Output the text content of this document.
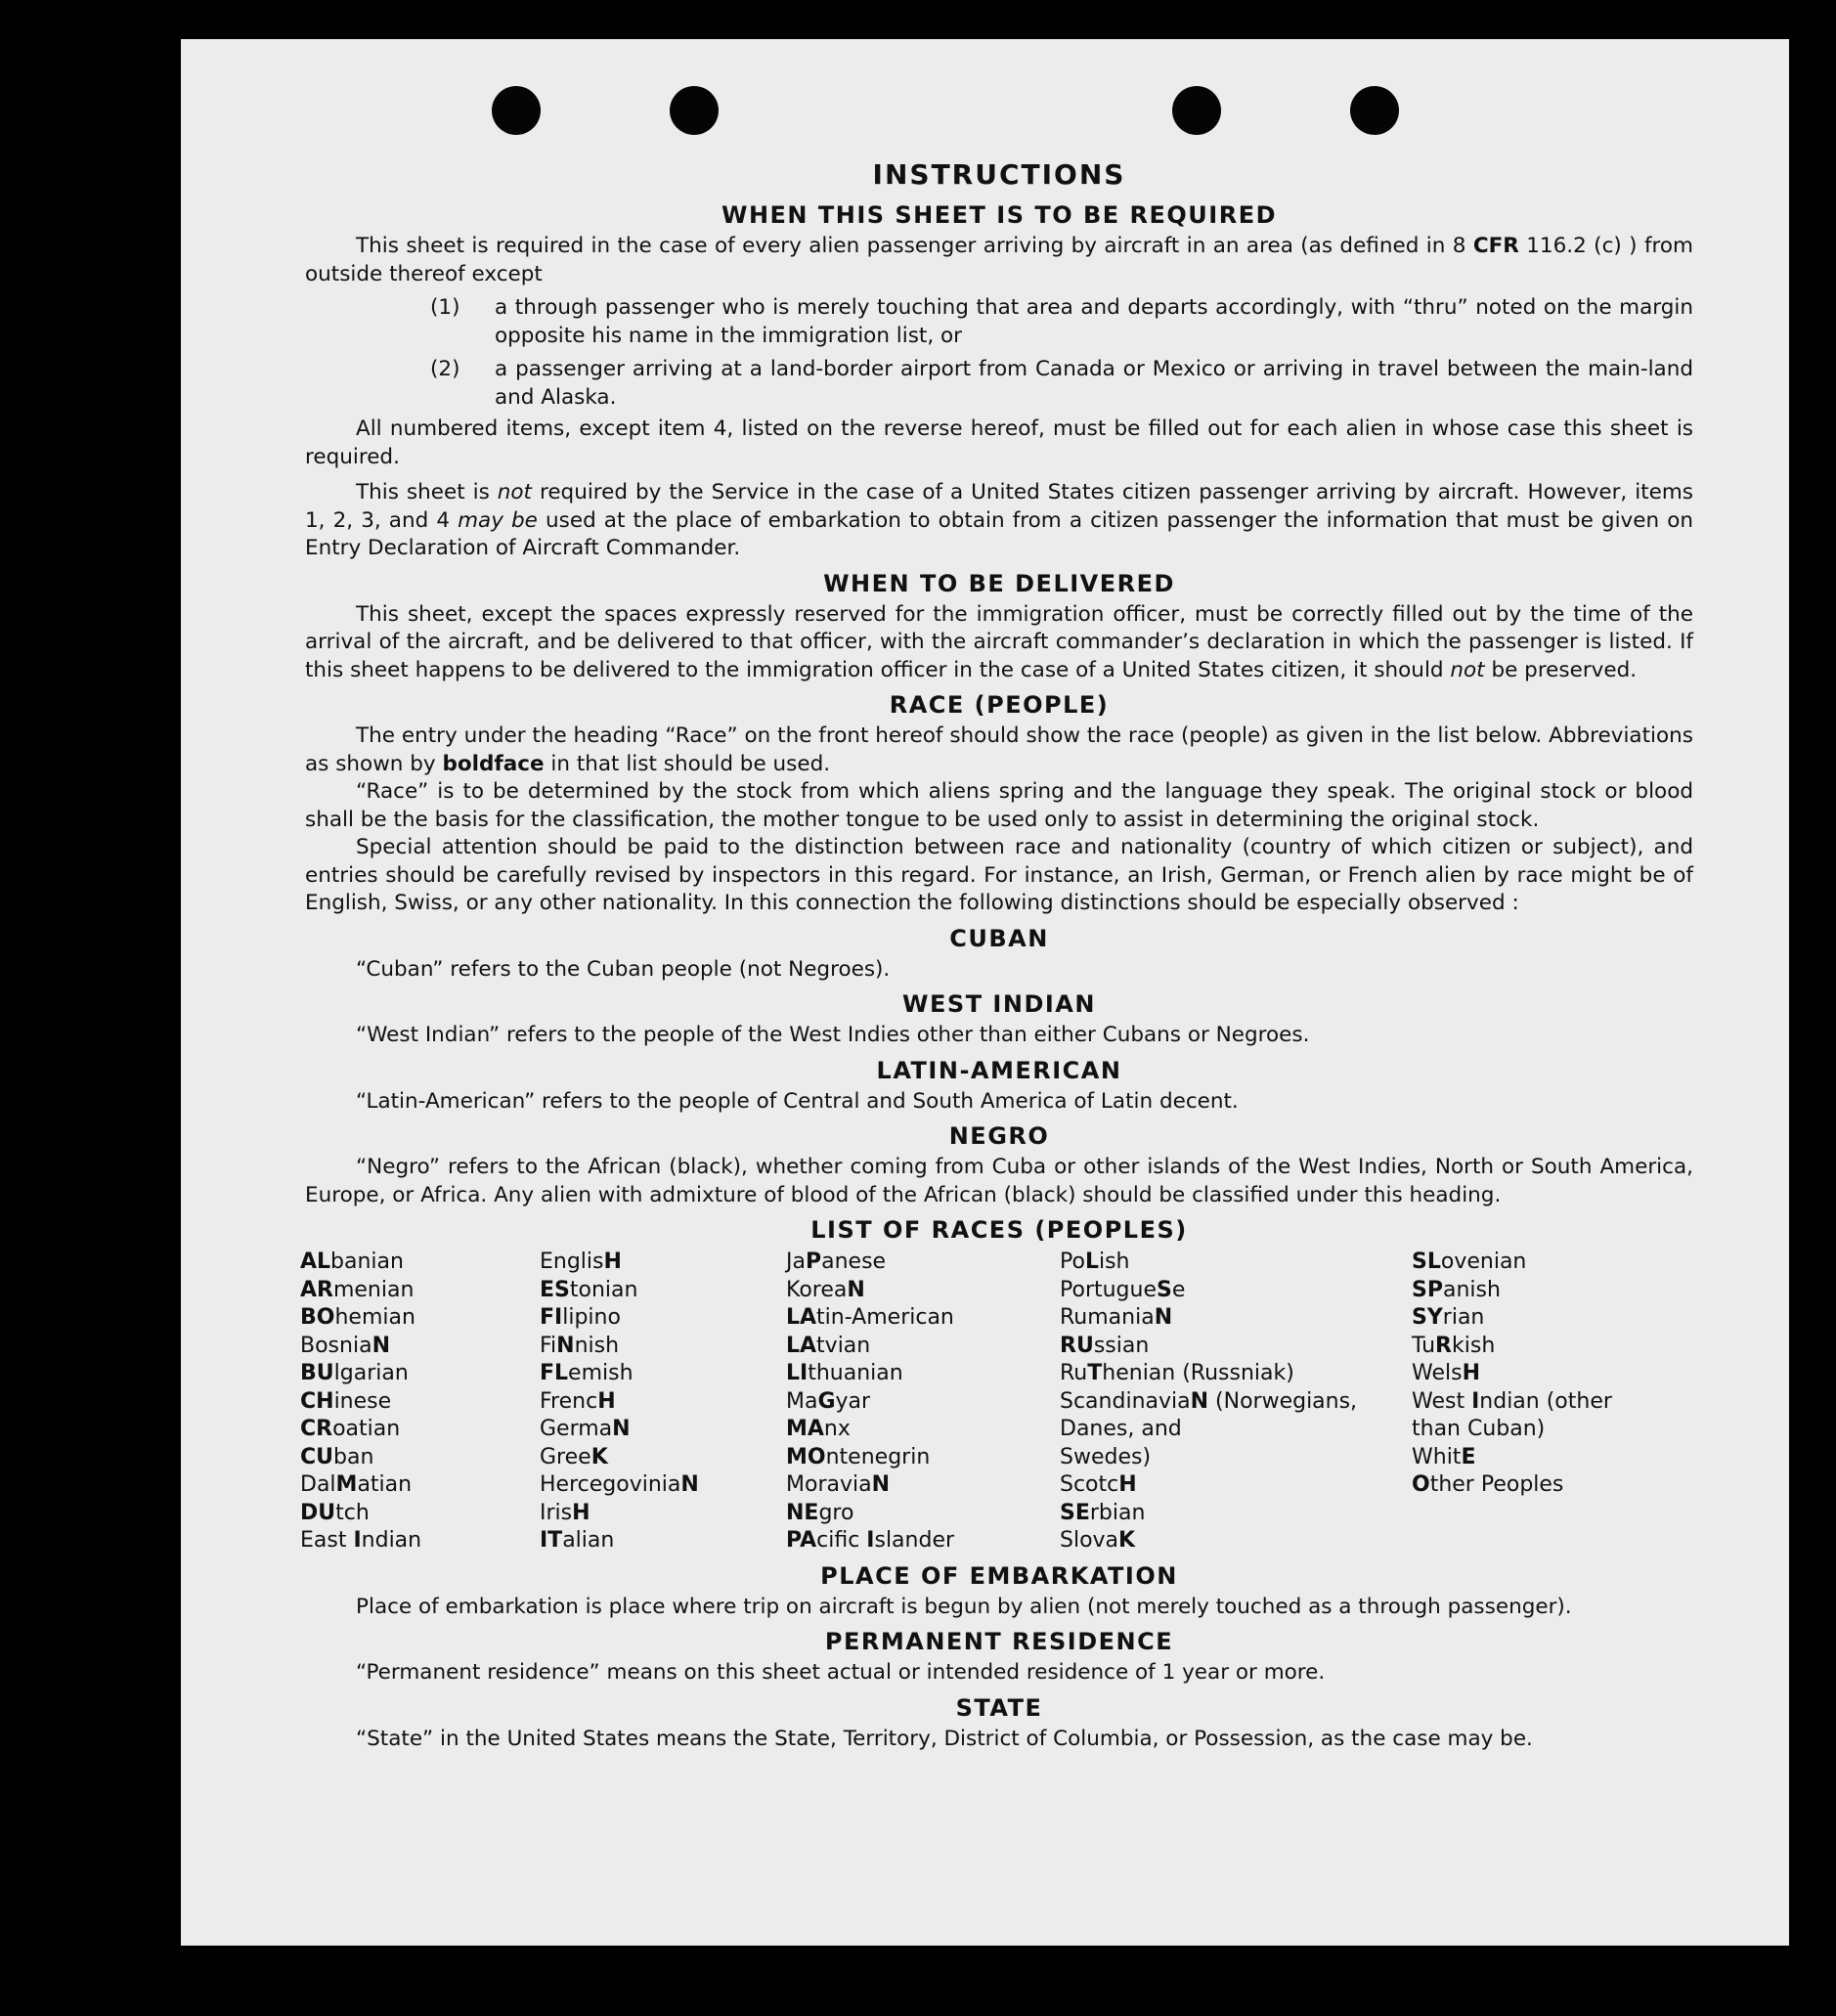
INSTRUCTIONS
WHEN THIS SHEET IS TO BE REQUIRED

This sheet is required in the case of every alien passenger arriving by aircraft in an area (as defined in 8 CFR 116.2 (c) ) from outside thereof except

(1)	a through passenger who is merely touching that area and departs accordingly, with “thru” noted on the margin opposite his name in the immigration list, or
(2)	a passenger arriving at a land-border airport from Canada or Mexico or arriving in travel between the main-land and Alaska.

All numbered items, except item 4, listed on the reverse hereof, must be filled out for each alien in whose case this sheet is required.

This sheet is not required by the Service in the case of a United States citizen passenger arriving by aircraft. However, items 1, 2, 3, and 4 may be used at the place of embarkation to obtain from a citizen passenger the information that must be given on Entry Declaration of Aircraft Commander.

WHEN TO BE DELIVERED

This sheet, except the spaces expressly reserved for the immigration officer, must be correctly filled out by the time of the arrival of the aircraft, and be delivered to that officer, with the aircraft commander’s declaration in which the passenger is listed. If this sheet happens to be delivered to the immigration officer in the case of a United States citizen, it should not be preserved.

RACE (PEOPLE)

The entry under the heading “Race” on the front hereof should show the race (people) as given in the list below. Abbreviations as shown by boldface in that list should be used.

“Race” is to be determined by the stock from which aliens spring and the language they speak. The original stock or blood shall be the basis for the classification, the mother tongue to be used only to assist in determining the original stock.

Special attention should be paid to the distinction between race and nationality (country of which citizen or subject), and entries should be carefully revised by inspectors in this regard. For instance, an Irish, German, or French alien by race might be of English, Swiss, or any other nationality. In this connection the following distinctions should be especially observed :

CUBAN

“Cuban” refers to the Cuban people (not Negroes).

WEST INDIAN

“West Indian” refers to the people of the West Indies other than either Cubans or Negroes.

LATIN-AMERICAN

“Latin-American” refers to the people of Central and South America of Latin decent.

NEGRO

“Negro” refers to the African (black), whether coming from Cuba or other islands of the West Indies, North or South America, Europe, or Africa. Any alien with admixture of blood of the African (black) should be classified under this heading.

LIST OF RACES (PEOPLES)
ALbanian
ARmenian
BOhemian
BosniaN
BUlgarian
CHinese
CRoatian
CUban
DalMatian
DUtch
East Indian
EnglisH
EStonian
FIlipino
FiNnish
FLemish
FrencH
GermaN
GreeK
HercegoviniaN
IrisH
ITalian
JaPanese
KoreaN
LAtin-American
LAtvian
LIthuanian
MaGyar
MAnx
MOntenegrin
MoraviaN
NEgro
PAcific Islander
PoLish
PortugueSe
RumaniaN
RUssian
RuThenian (Russniak)
ScandinaviaN (Norwegians,
Danes, and
Swedes)
ScotcH
SErbian
SlovaK
SLovenian
SPanish
SYrian
TuRkish
WelsH
West Indian (other
than Cuban)
WhitE
Other Peoples
PLACE OF EMBARKATION

Place of embarkation is place where trip on aircraft is begun by alien (not merely touched as a through passenger).

PERMANENT RESIDENCE

“Permanent residence” means on this sheet actual or intended residence of 1 year or more.

STATE

“State” in the United States means the State, Territory, District of Columbia, or Possession, as the case may be.
